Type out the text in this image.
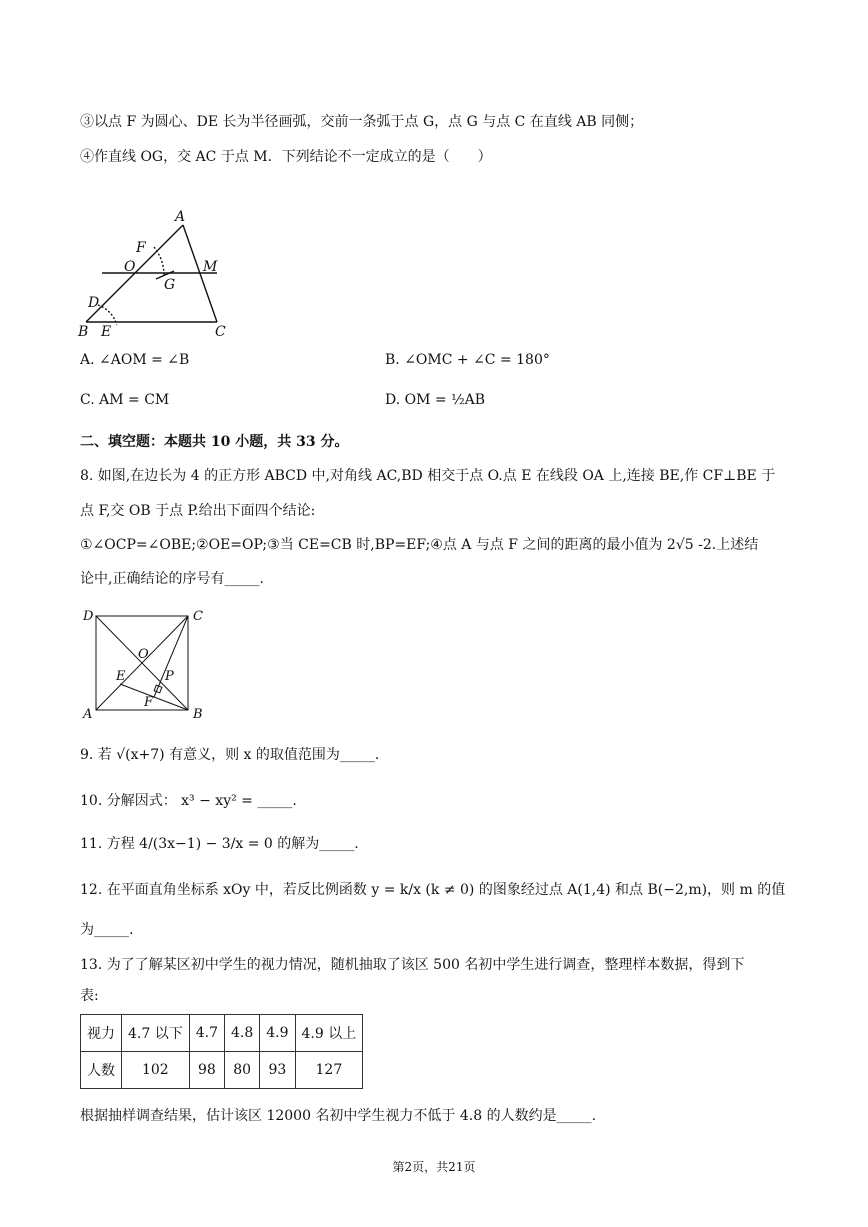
③以点 F 为圆心、DE 长为半径画弧，交前一条弧于点 G，点 G 与点 C 在直线 AB 同侧；
④作直线 OG，交 AC 于点 M．下列结论不一定成立的是（　　）
A
F
O	M
G
D
B E	C
A. ∠AOM = ∠B	B. ∠OMC + ∠C = 180°
C. AM = CM	D. OM = ½AB
二、填空题：本题共 10 小题，共 33 分。
8. 如图,在边长为 4 的正方形 ABCD 中,对角线 AC,BD 相交于点 O.点 E 在线段 OA 上,连接 BE,作 CF⊥BE 于
点 F,交 OB 于点 P.给出下面四个结论:
①∠OCP=∠OBE;②OE=OP;③当 CE=CB 时,BP=EF;④点 A 与点 F 之间的距离的最小值为 2√5 -2.上述结
论中,正确结论的序号有_____.
D	C
O
E	P
F
A	B
9. 若 √(x+7) 有意义，则 x 的取值范围为_____.
10. 分解因式： x³ − xy² = _____.
11. 方程 4/(3x−1) − 3/x = 0 的解为_____.
12. 在平面直角坐标系 xOy 中，若反比例函数 y = k/x (k ≠ 0) 的图象经过点 A(1,4) 和点 B(−2,m)，则 m 的值
为_____.
13. 为了了解某区初中学生的视力情况，随机抽取了该区 500 名初中学生进行调查，整理样本数据，得到下
表:
视力	4.7 以下	4.7	4.8	4.9	4.9 以上
人数	102	98	80	93	127
根据抽样调查结果，估计该区 12000 名初中学生视力不低于 4.8 的人数约是_____.
第2页，共21页
